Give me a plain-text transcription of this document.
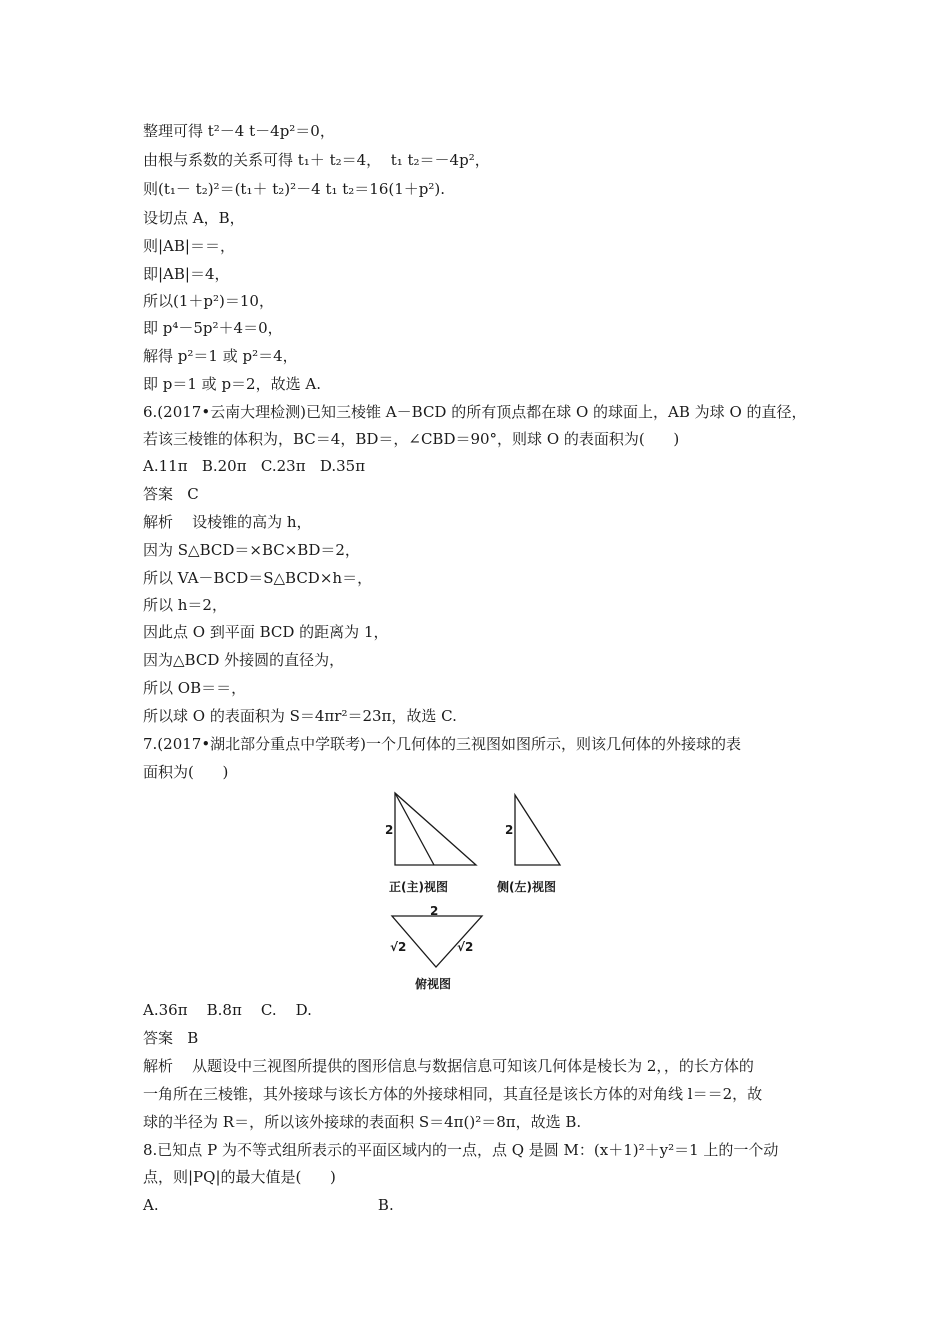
整理可得 t²－4 t－4p²＝0，
由根与系数的关系可得 t₁＋ t₂＝4，  t₁ t₂＝－4p²，
则(t₁－ t₂)²＝(t₁＋ t₂)²－4 t₁ t₂＝16(1＋p²).
设切点 A，B，
则|AB|＝＝，
即|AB|＝4，
所以(1＋p²)＝10，
即 p⁴－5p²＋4＝0，
解得 p²＝1 或 p²＝4，
即 p＝1 或 p＝2，故选 A.
6.(2017•云南大理检测)已知三棱锥 A－BCD 的所有顶点都在球 O 的球面上，AB 为球 O 的直径，
若该三棱锥的体积为，BC＝4，BD＝，∠CBD＝90°，则球 O 的表面积为(      )
A.11π   B.20π   C.23π   D.35π
答案   C
解析    设棱锥的高为 h，
因为 S△BCD＝×BC×BD＝2，
所以 VA－BCD＝S△BCD×h＝，
所以 h＝2，
因此点 O 到平面 BCD 的距离为 1，
因为△BCD 外接圆的直径为，
所以 OB＝＝，
所以球 O 的表面积为 S＝4πr²＝23π，故选 C.
7.(2017•湖北部分重点中学联考)一个几何体的三视图如图所示，则该几何体的外接球的表
面积为(      )
2	2
正(主)视图	侧(左)视图
2
√2	√2
俯视图
A.36π    B.8π    C.    D.
答案   B
解析    从题设中三视图所提供的图形信息与数据信息可知该几何体是棱长为 2，，的长方体的
一角所在三棱锥，其外接球与该长方体的外接球相同，其直径是该长方体的对角线 l＝＝2，故
球的半径为 R＝，所以该外接球的表面积 S＝4π()²＝8π，故选 B.
8.已知点 P 为不等式组所表示的平面区域内的一点，点 Q 是圆 M：(x＋1)²＋y²＝1 上的一个动
点，则|PQ|的最大值是(      )
A.                                              B.
